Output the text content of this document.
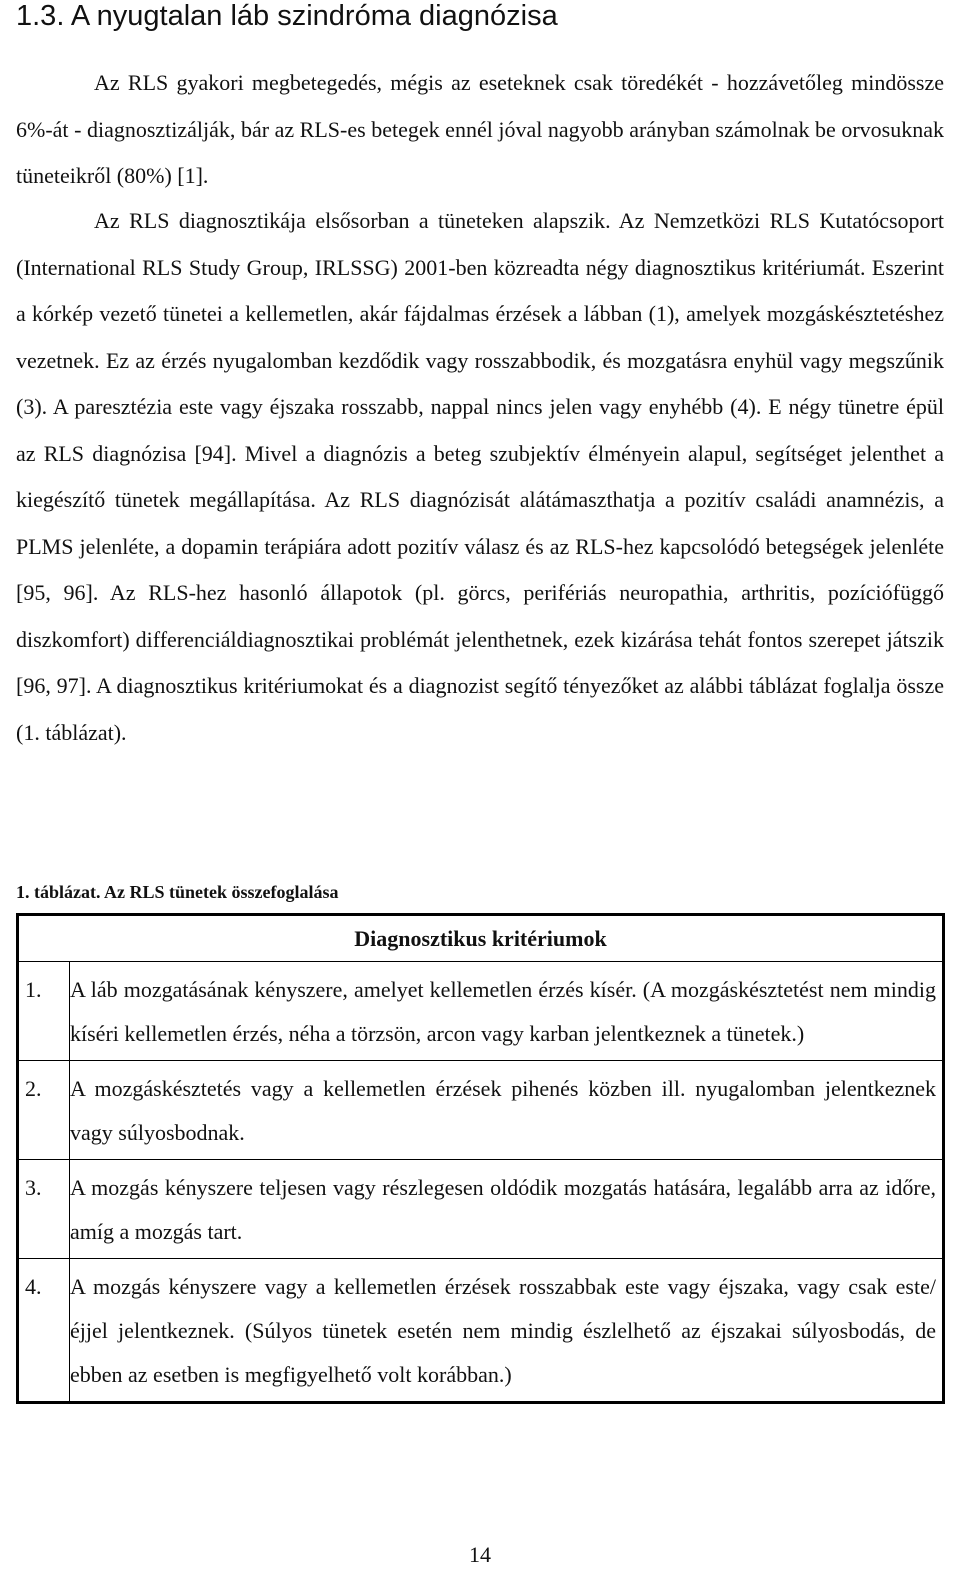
1.3. A nyugtalan láb szindróma diagnózisa

Az RLS gyakori megbetegedés, mégis az eseteknek csak töredékét - hozzávetőleg mindössze 6%-át - diagnosztizálják, bár az RLS-es betegek ennél jóval nagyobb arányban számolnak be orvosuknak tüneteikről (80%) [1].

Az RLS diagnosztikája elsősorban a tüneteken alapszik. Az Nemzetközi RLS Kutatócsoport (International RLS Study Group, IRLSSG) 2001-ben közreadta négy diagnosztikus kritériumát. Eszerint a kórkép vezető tünetei a kellemetlen, akár fájdalmas érzések a lábban (1), amelyek mozgáskésztetéshez vezetnek. Ez az érzés nyugalomban kezdődik vagy rosszabbodik, és mozgatásra enyhül vagy megszűnik (3). A paresztézia este vagy éjszaka rosszabb, nappal nincs jelen vagy enyhébb (4). E négy tünetre épül az RLS diagnózisa [94]. Mivel a diagnózis a beteg szubjektív élményein alapul, segítséget jelenthet a kiegészítő tünetek megállapítása. Az RLS diagnózisát alátámaszthatja a pozitív családi anamnézis, a PLMS jelenléte, a dopamin terápiára adott pozitív válasz és az RLS-hez kapcsolódó betegségek jelenléte [95, 96]. Az RLS-hez hasonló állapotok (pl. görcs, perifériás neuropathia, arthritis, pozíciófüggő diszkomfort) differenciáldiagnosztikai problémát jelenthetnek, ezek kizárása tehát fontos szerepet játszik [96, 97]. A diagnosztikus kritériumokat és a diagnozist segítő tényezőket az alábbi táblázat foglalja össze (1. táblázat).

1. táblázat. Az RLS tünetek összefoglalása

Diagnosztikus kritériumok	
1.	A láb mozgatásának kényszere, amelyet kellemetlen érzés kísér. (A mozgáskésztetést nem mindig kíséri kellemetlen érzés, néha a törzsön, arcon vagy karban jelentkeznek a tünetek.)
2.	A mozgáskésztetés vagy a kellemetlen érzések pihenés közben ill. nyugalomban jelentkeznek vagy súlyosbodnak.
3.	A mozgás kényszere teljesen vagy részlegesen oldódik mozgatás hatására, legalább arra az időre, amíg a mozgás tart.
4.	A mozgás kényszere vagy a kellemetlen érzések rosszabbak este vagy éjszaka, vagy csak este/éjjel jelentkeznek. (Súlyos tünetek esetén nem mindig észlelhető az éjszakai súlyosbodás, de ebben az esetben is megfigyelhető volt korábban.)
14
